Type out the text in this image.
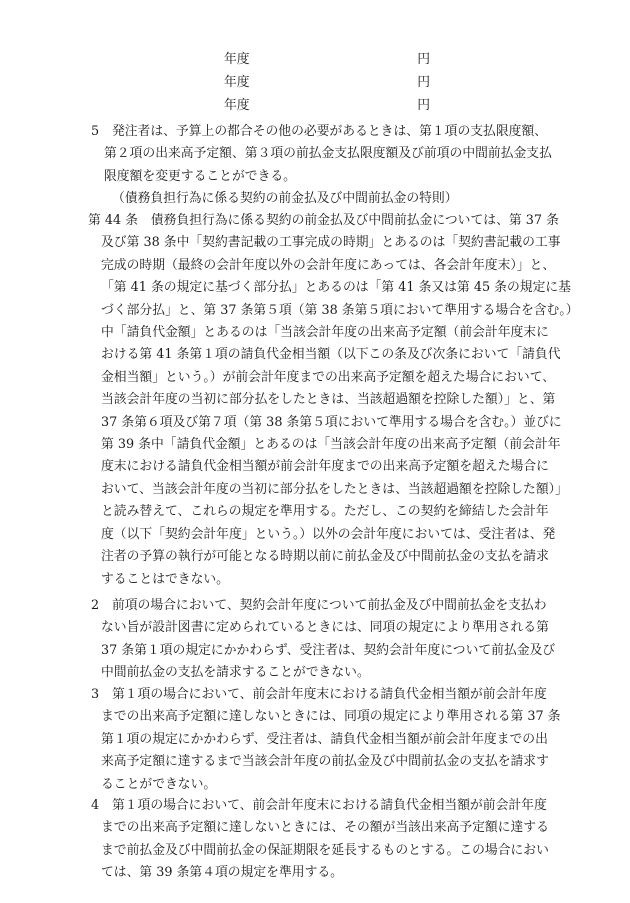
年度	円
年度	円
年度	円
5　発注者は、予算上の都合その他の必要があるときは、第１項の支払限度額、
第２項の出来高予定額、第３項の前払金支払限度額及び前項の中間前払金支払
限度額を変更することができる。
（債務負担行為に係る契約の前金払及び中間前払金の特則）
第 44 条　債務負担行為に係る契約の前金払及び中間前払金については、第 37 条
及び第 38 条中「契約書記載の工事完成の時期」とあるのは「契約書記載の工事
完成の時期（最終の会計年度以外の会計年度にあっては、各会計年度末）」と、
「第 41 条の規定に基づく部分払」とあるのは「第 41 条又は第 45 条の規定に基
づく部分払」と、第 37 条第５項（第 38 条第５項において準用する場合を含む。）
中「請負代金額」とあるのは「当該会計年度の出来高予定額（前会計年度末に
おける第 41 条第１項の請負代金相当額（以下この条及び次条において「請負代
金相当額」という。）が前会計年度までの出来高予定額を超えた場合において、
当該会計年度の当初に部分払をしたときは、当該超過額を控除した額）」と、第
37 条第６項及び第７項（第 38 条第５項において準用する場合を含む。）並びに
第 39 条中「請負代金額」とあるのは「当該会計年度の出来高予定額（前会計年
度末における請負代金相当額が前会計年度までの出来高予定額を超えた場合に
おいて、当該会計年度の当初に部分払をしたときは、当該超過額を控除した額）」
と読み替えて、これらの規定を準用する。ただし、この契約を締結した会計年
度（以下「契約会計年度」という。）以外の会計年度においては、受注者は、発
注者の予算の執行が可能となる時期以前に前払金及び中間前払金の支払を請求
することはできない。
2　前項の場合において、契約会計年度について前払金及び中間前払金を支払わ
ない旨が設計図書に定められているときには、同項の規定により準用される第
37 条第１項の規定にかかわらず、受注者は、契約会計年度について前払金及び
中間前払金の支払を請求することができない。
3　第１項の場合において、前会計年度末における請負代金相当額が前会計年度
までの出来高予定額に達しないときには、同項の規定により準用される第 37 条
第１項の規定にかかわらず、受注者は、請負代金相当額が前会計年度までの出
来高予定額に達するまで当該会計年度の前払金及び中間前払金の支払を請求す
ることができない。
4　第１項の場合において、前会計年度末における請負代金相当額が前会計年度
までの出来高予定額に達しないときには、その額が当該出来高予定額に達する
まで前払金及び中間前払金の保証期限を延長するものとする。この場合におい
ては、第 39 条第４項の規定を準用する。
